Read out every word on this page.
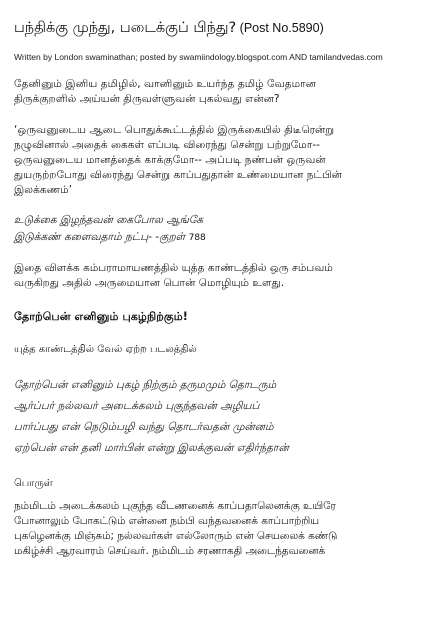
பந்திக்கு முந்து, படைக்குப் பிந்து? (Post No.5890)
Written by London swaminathan; posted by swamiindology.blogspot.com AND tamilandvedas.com

தேனினும் இனிய தமிழில், வானினும் உயர்ந்த தமிழ் வேதமான
திருக்குறளில் அய்யன் திருவள்ளுவன் புகல்வது என்ன?

‘ஒருவனுடைய ஆடை பொதுக்கூட்டத்தில் இருக்கையில் திடீரென்று
நழுவினால் அதைக் கைகள் எப்படி விரைந்து சென்று பற்றுமோ--
ஒருவனுடைய மானத்தைக் காக்குமோ-- அப்படி நண்பன் ஒருவன்
துயருற்றபோது விரைந்து சென்று காப்பதுதான் உண்மையான நட்பின்
இலக்கணம்’

உடுக்கை இழந்தவன் கைபோல ஆங்கே
இடுக்கண் களைவதாம் நட்பு- -குறள் 788

இதை விளக்க கம்பராமாயணத்தில் யுத்த காண்டத்தில் ஒரு சம்பவம்
வருகிறது அதில் அருமையான பொன் மொழியும் உளது.

தோற்பென் எனினும் புகழ்நிற்கும்!

யுத்த காண்டத்தில் வேல் ஏற்ற படலத்தில்

தோற்பென் எனினும் புகழ் நிற்கும் தருமமும் தொடரும்
ஆர்ப்பர் நல்லவர் அடைக்கலம் புகுந்தவன் அழியப்
பார்ப்பது என் நெடும்பழி வந்து தொடர்வதன் முன்னம்
ஏற்பென் என் தனி மார்பின் என்று இலக்குவன் எதிர்ந்தான்

பொருள்

நம்மிடம் அடைக்கலம் புகுந்த வீடணனைக் காப்பதாலெனக்கு உயிரே
போனாலும் போகட்டும் என்னை நம்பி வந்தவனைக் காப்பாற்றிய
புகழெனக்கு மிஞ்சும்; நல்லவர்கள் எல்லோரும் என் செயலைக் கண்டு
மகிழ்ச்சி ஆரவாரம் செய்வர். நம்மிடம் சரணாகதி அடைந்தவனைக்
